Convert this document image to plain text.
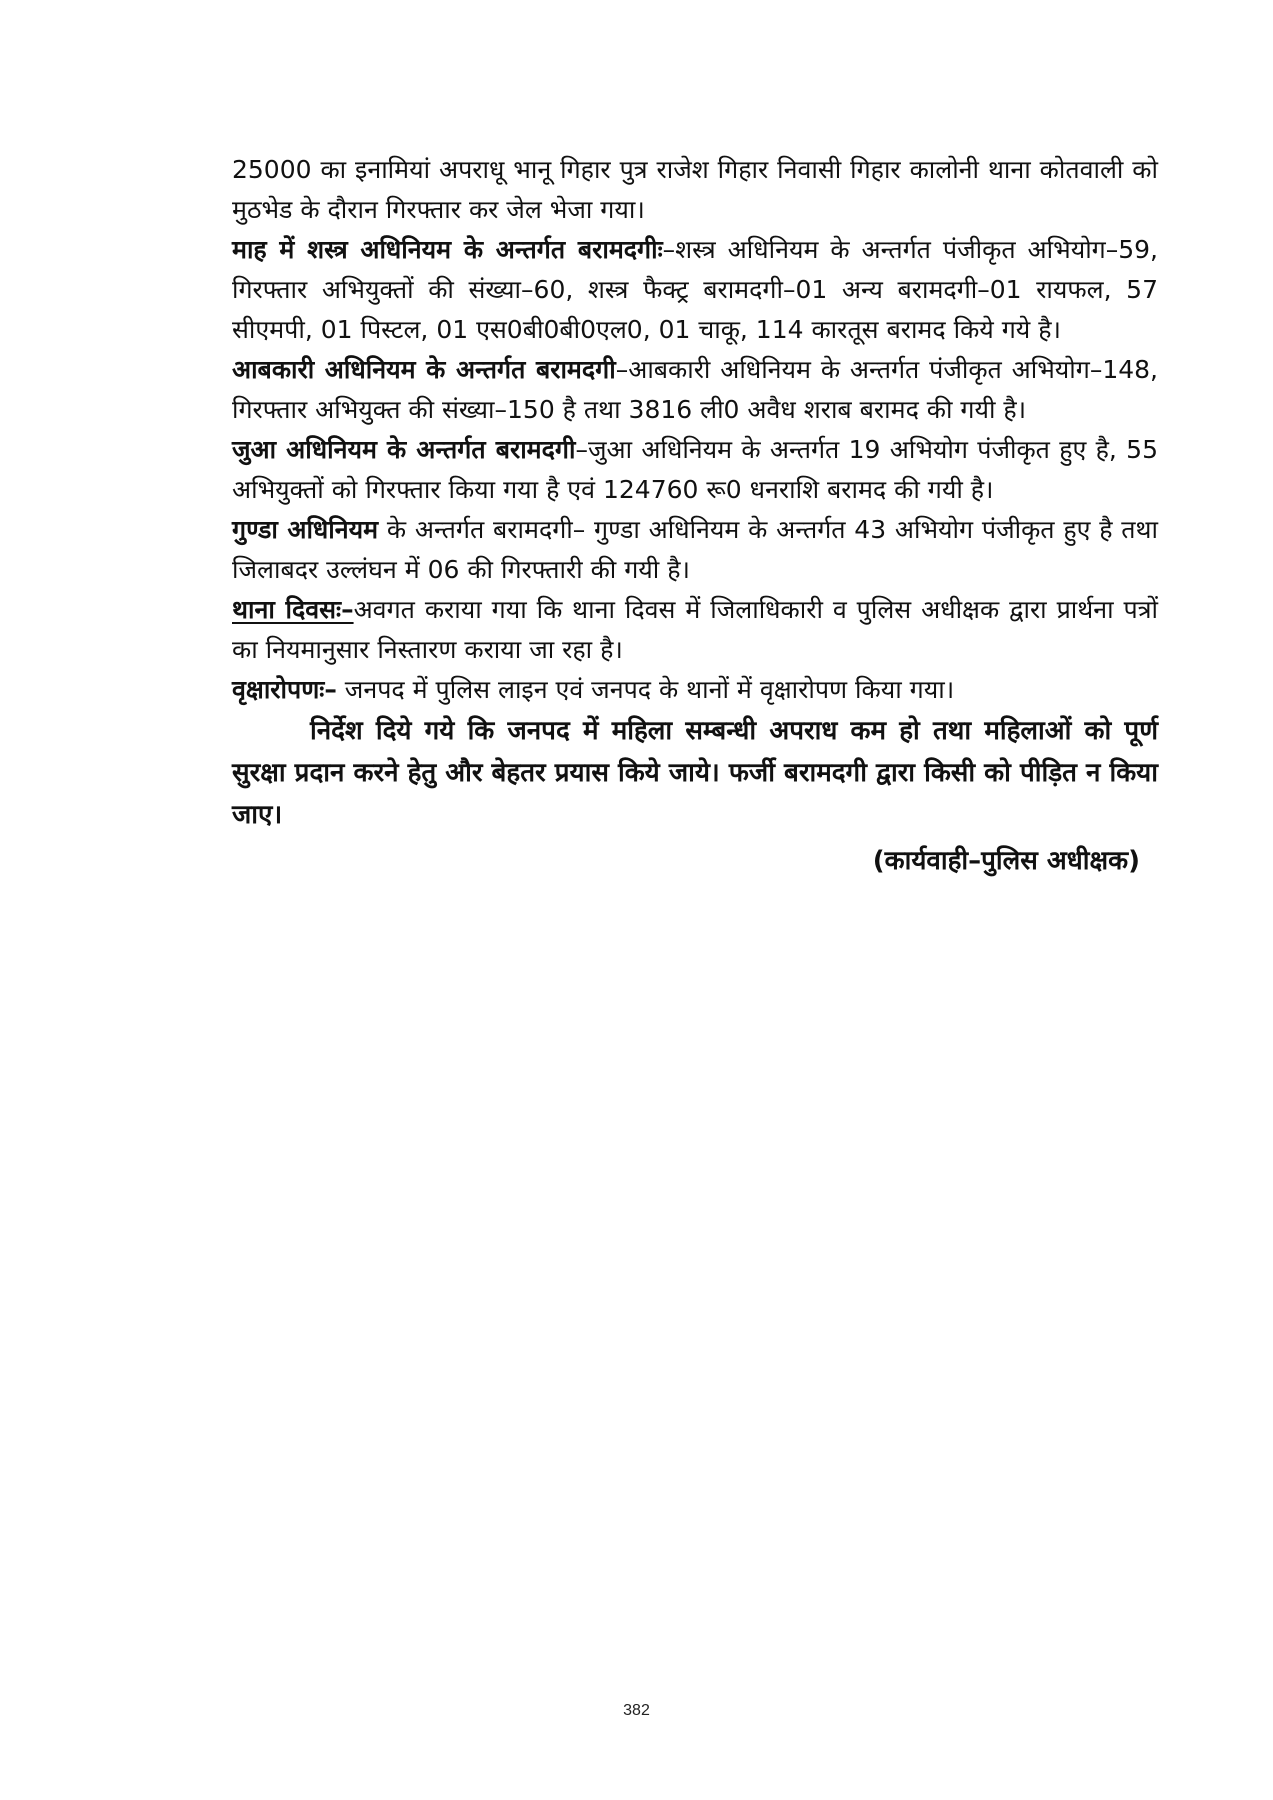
25000 का इनामियां अपराधू भानू गिहार पुत्र राजेश गिहार निवासी गिहार कालोनी थाना कोतवाली को मुठभेड के दौरान गिरफ्तार कर जेल भेजा गया।

माह में शस्त्र अधिनियम के अन्तर्गत बरामदगीः–शस्त्र अधिनियम के अन्तर्गत पंजीकृत अभियोग–59, गिरफ्तार अभियुक्तों की संख्या–60, शस्त्र फैक्ट्र बरामदगी–01 अन्य बरामदगी–01 रायफल, 57 सीएमपी, 01 पिस्टल, 01 एस0बी0बी0एल0, 01 चाकू, 114 कारतूस बरामद किये गये है।

आबकारी अधिनियम के अन्तर्गत बरामदगी–आबकारी अधिनियम के अन्तर्गत पंजीकृत अभियोग–148, गिरफ्तार अभियुक्त की संख्या–150 है तथा 3816 ली0 अवैध शराब बरामद की गयी है।

जुआ अधिनियम के अन्तर्गत बरामदगी–जुआ अधिनियम के अन्तर्गत 19 अभियोग पंजीकृत हुए है, 55 अभियुक्तों को गिरफ्तार किया गया है एवं 124760 रू0 धनराशि बरामद की गयी है।

गुण्डा अधिनियम के अन्तर्गत बरामदगी– गुण्डा अधिनियम के अन्तर्गत 43 अभियोग पंजीकृत हुए है तथा जिलाबदर उल्लंघन में 06 की गिरफ्तारी की गयी है।

थाना दिवसः–अवगत कराया गया कि थाना दिवस में जिलाधिकारी व पुलिस अधीक्षक द्वारा प्रार्थना पत्रों का नियमानुसार निस्तारण कराया जा रहा है।

वृक्षारोपणः– जनपद में पुलिस लाइन एवं जनपद के थानों में वृक्षारोपण किया गया।

निर्देश दिये गये कि जनपद में महिला सम्बन्धी अपराध कम हो तथा महिलाओं को पूर्ण सुरक्षा प्रदान करने हेतु और बेहतर प्रयास किये जाये। फर्जी बरामदगी द्वारा किसी को पीड़ित न किया जाए।

(कार्यवाही–पुलिस अधीक्षक)

382
